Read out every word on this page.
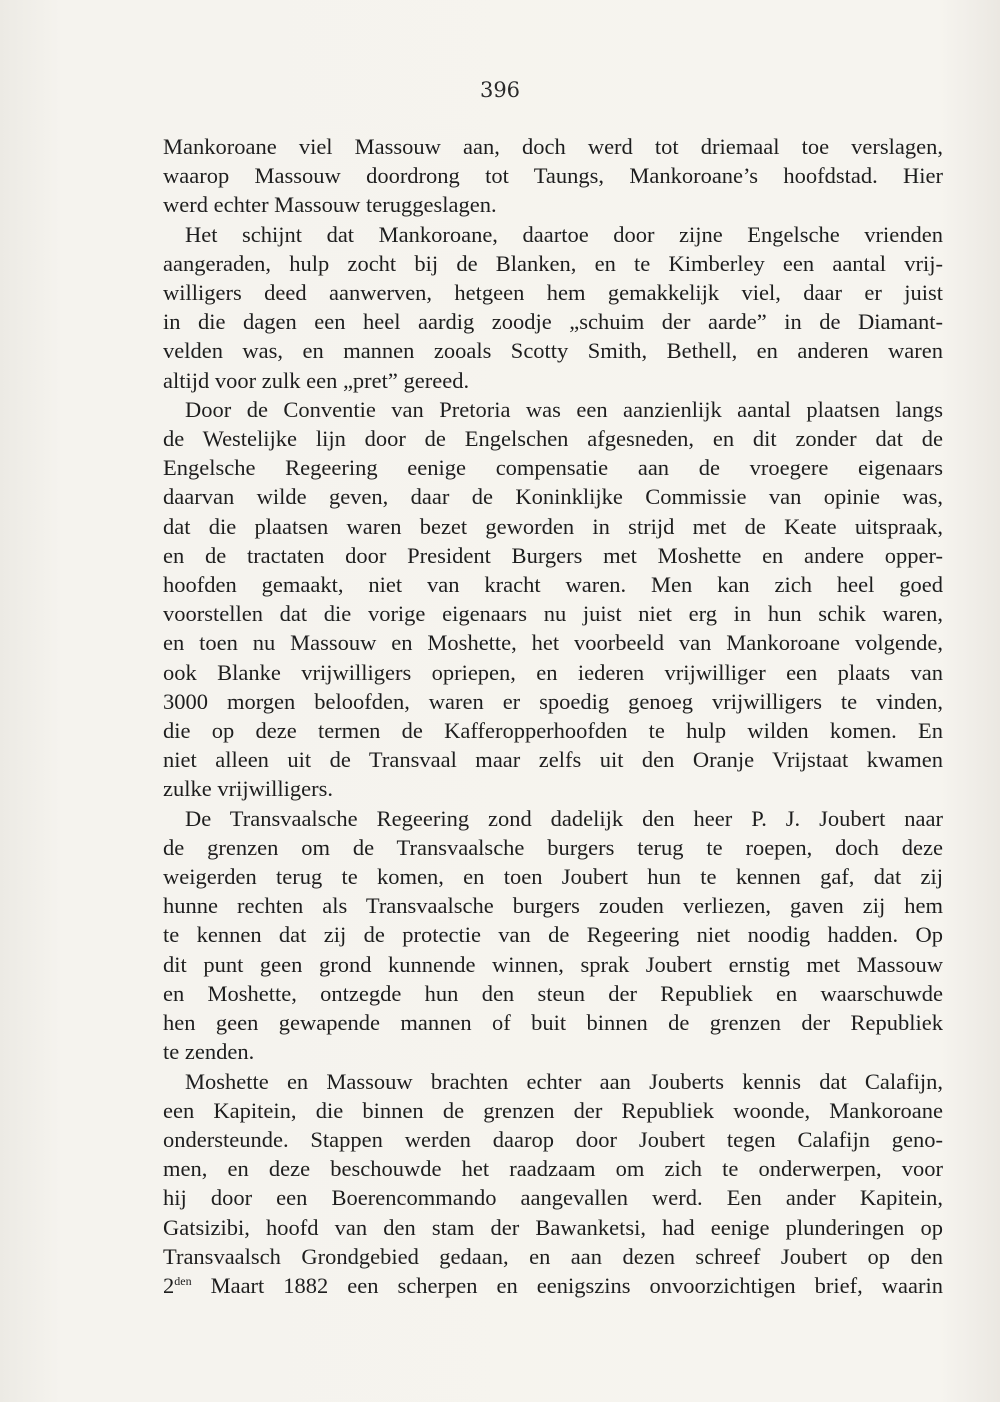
396
Mankoroane viel Massouw aan, doch werd tot driemaal toe verslagen,
waarop Massouw doordrong tot Taungs, Mankoroane’s hoofdstad. Hier
werd echter Massouw teruggeslagen.
Het schijnt dat Mankoroane, daartoe door zijne Engelsche vrienden
aangeraden, hulp zocht bij de Blanken, en te Kimberley een aantal vrij-
willigers deed aanwerven, hetgeen hem gemakkelijk viel, daar er juist
in die dagen een heel aardig zoodje „schuim der aarde” in de Diamant-
velden was, en mannen zooals Scotty Smith, Bethell, en anderen waren
altijd voor zulk een „pret” gereed.
Door de Conventie van Pretoria was een aanzienlijk aantal plaatsen langs
de Westelijke lijn door de Engelschen afgesneden, en dit zonder dat de
Engelsche Regeering eenige compensatie aan de vroegere eigenaars
daarvan wilde geven, daar de Koninklijke Commissie van opinie was,
dat die plaatsen waren bezet geworden in strijd met de Keate uitspraak,
en de tractaten door President Burgers met Moshette en andere opper-
hoofden gemaakt, niet van kracht waren. Men kan zich heel goed
voorstellen dat die vorige eigenaars nu juist niet erg in hun schik waren,
en toen nu Massouw en Moshette, het voorbeeld van Mankoroane volgende,
ook Blanke vrijwilligers opriepen, en iederen vrijwilliger een plaats van
3000 morgen beloofden, waren er spoedig genoeg vrijwilligers te vinden,
die op deze termen de Kafferopperhoofden te hulp wilden komen. En
niet alleen uit de Transvaal maar zelfs uit den Oranje Vrijstaat kwamen
zulke vrijwilligers.
De Transvaalsche Regeering zond dadelijk den heer P. J. Joubert naar
de grenzen om de Transvaalsche burgers terug te roepen, doch deze
weigerden terug te komen, en toen Joubert hun te kennen gaf, dat zij
hunne rechten als Transvaalsche burgers zouden verliezen, gaven zij hem
te kennen dat zij de protectie van de Regeering niet noodig hadden. Op
dit punt geen grond kunnende winnen, sprak Joubert ernstig met Massouw
en Moshette, ontzegde hun den steun der Republiek en waarschuwde
hen geen gewapende mannen of buit binnen de grenzen der Republiek
te zenden.
Moshette en Massouw brachten echter aan Jouberts kennis dat Calafijn,
een Kapitein, die binnen de grenzen der Republiek woonde, Mankoroane
ondersteunde. Stappen werden daarop door Joubert tegen Calafijn geno-
men, en deze beschouwde het raadzaam om zich te onderwerpen, voor
hij door een Boerencommando aangevallen werd. Een ander Kapitein,
Gatsizibi, hoofd van den stam der Bawanketsi, had eenige plunderingen op
Transvaalsch Grondgebied gedaan, en aan dezen schreef Joubert op den
$2^{den}$ Maart 1882 een scherpen en eenigszins onvoorzichtigen brief, waarin
